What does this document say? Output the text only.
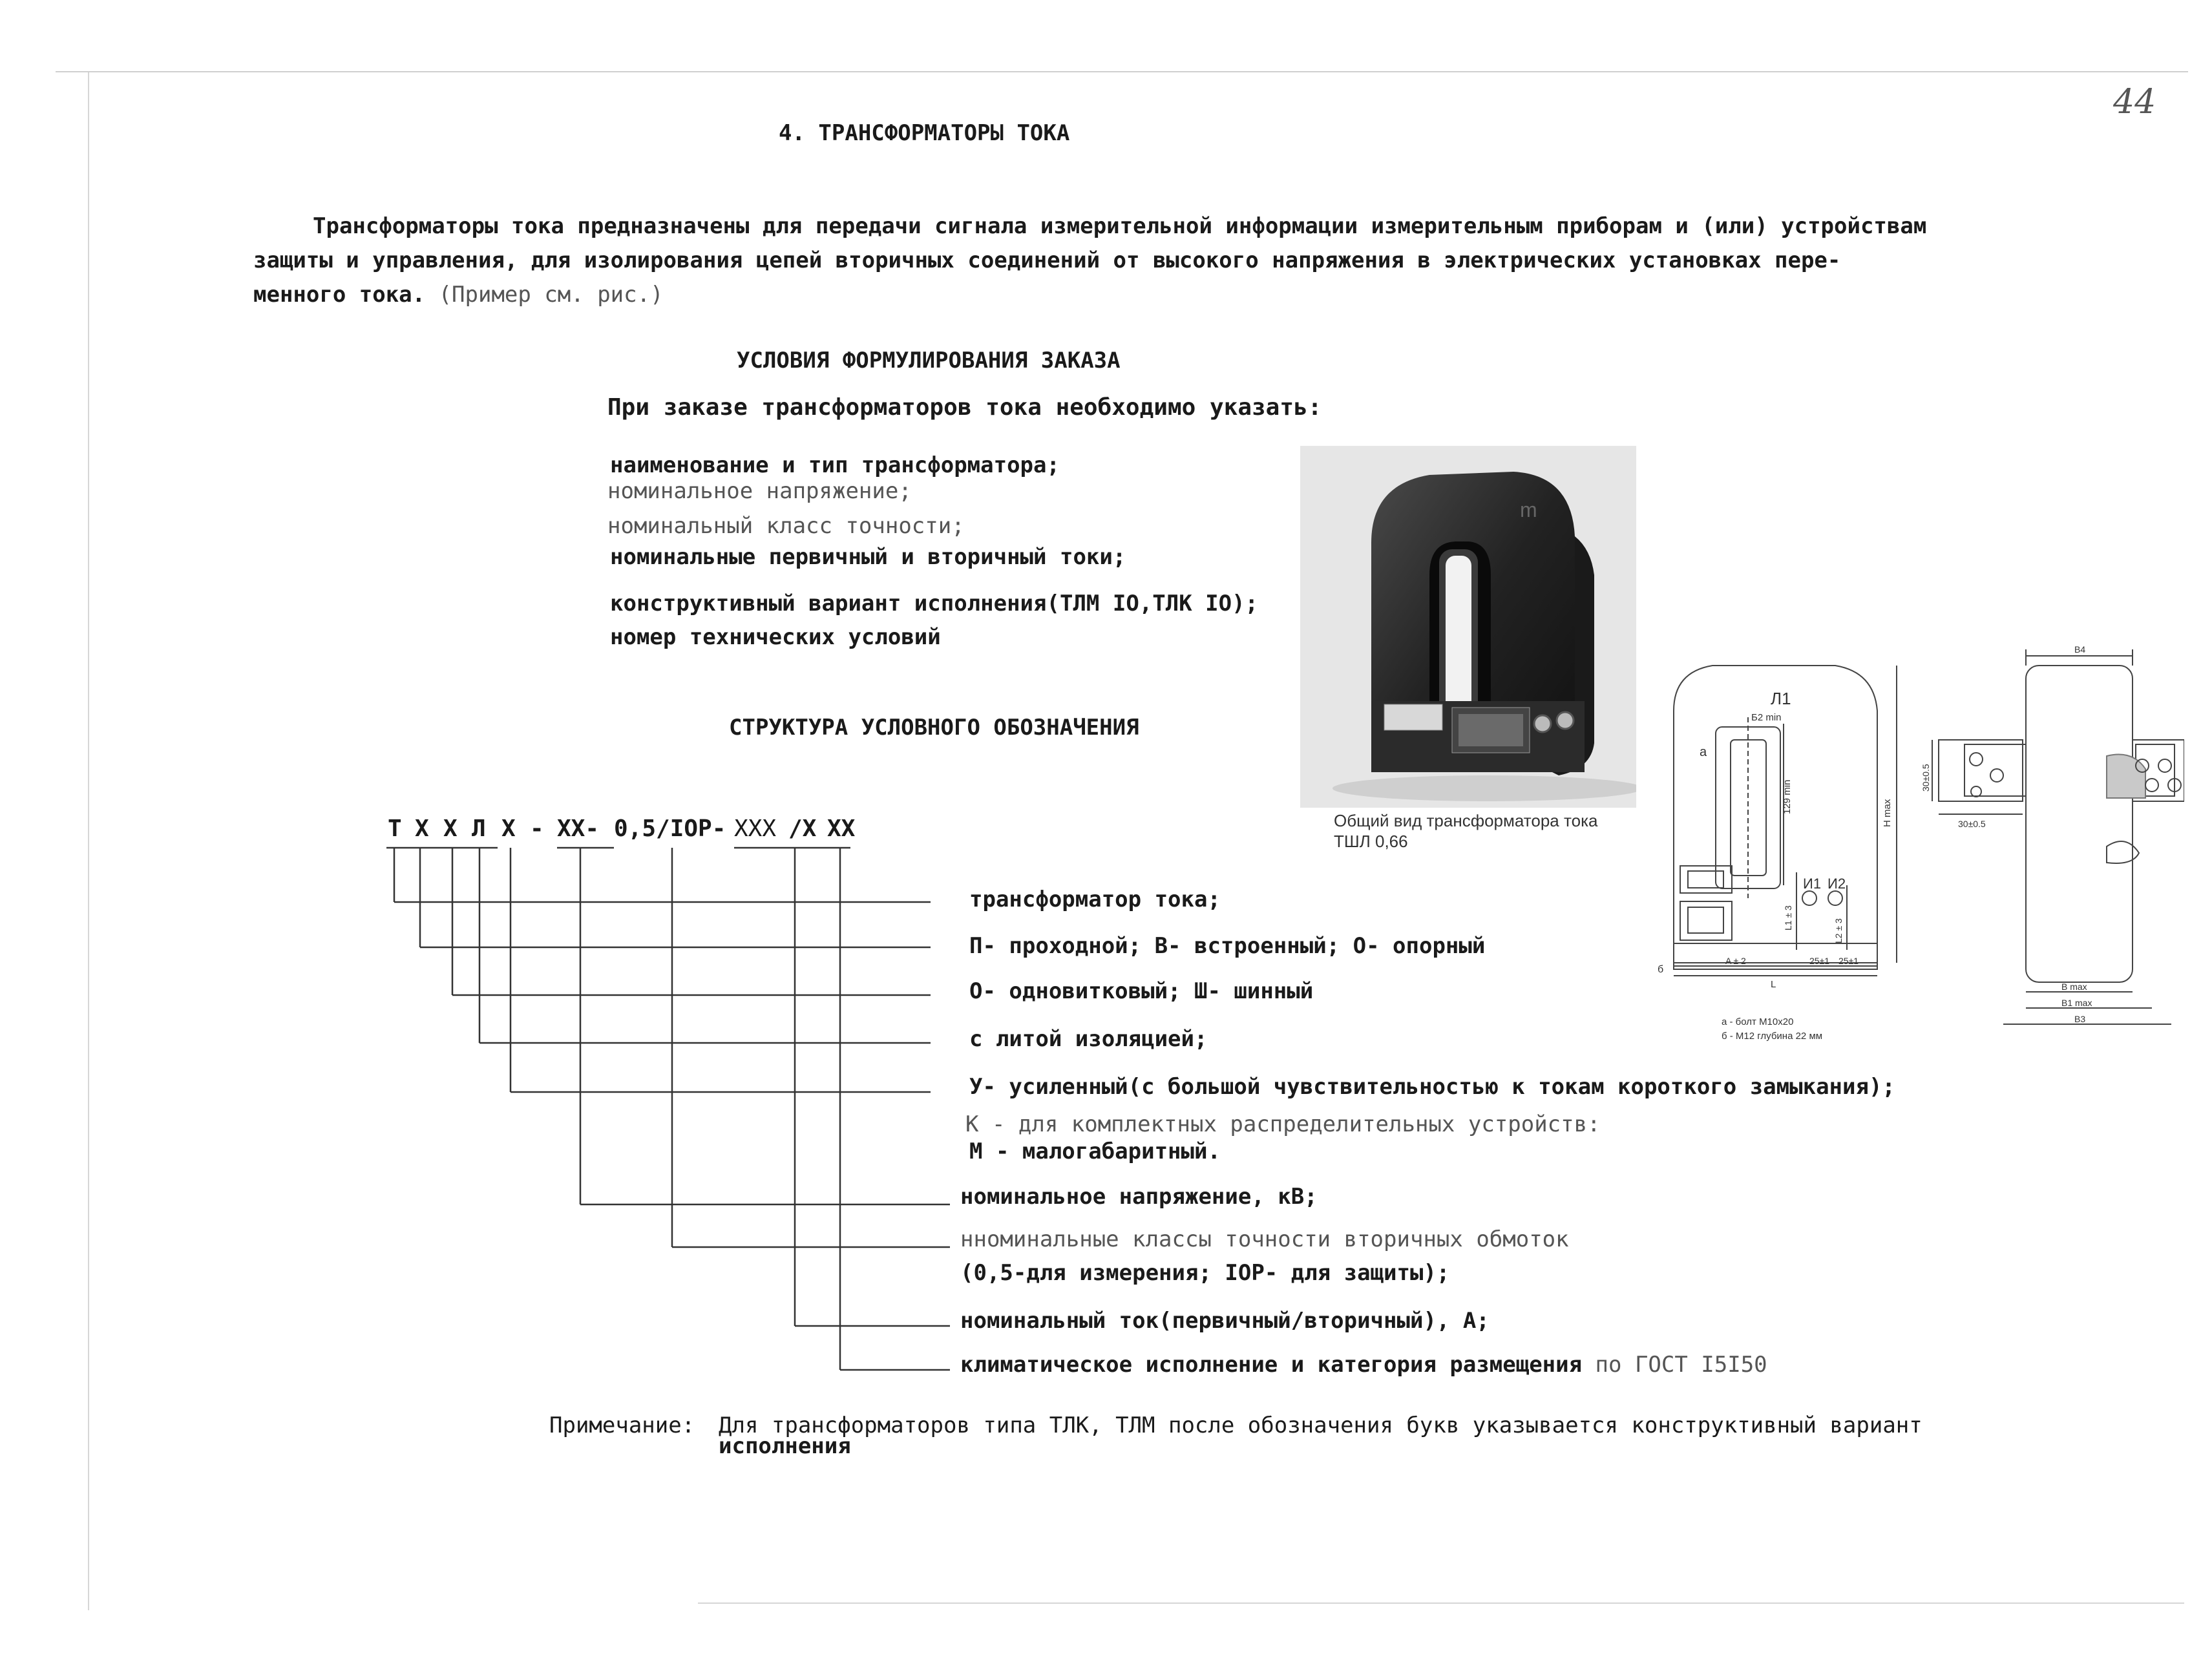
44
4. ТРАНСФОРМАТОРЫ ТОКА
Трансформаторы тока предназначены для передачи сигнала измерительной информации измерительным приборам и (или) устройствам
защиты и управления, для изолирования цепей вторичных соединений от высокого напряжения в электрических установках пере-
менного тока. (Пример см. рис.)
УСЛОВИЯ ФОРМУЛИРОВАНИЯ ЗАКАЗА
При заказе трансформаторов тока необходимо указать:
наименование и тип трансформатора;
номинальное напряжение;
номинальный класс точности;
номинальные первичный и вторичный токи;
конструктивный вариант исполнения(ТЛМ IO,ТЛК IO);
номер технических условий
m
Общий вид трансформатора тока
ТШЛ 0,66
СТРУКТУРА УСЛОВНОГО ОБОЗНАЧЕНИЯ
Т Х Х Л Х - ХХ- 0,5/IOP- ХХХ /Х ХХ
трансформатор тока;
П- проходной; В- встроенный; О- опорный
О- одновитковый; Ш- шинный
с литой изоляцией;
У- усиленный(с большой чувствительностью к токам короткого замыкания);
К - для комплектных распределительных устройств:
М - малогабаритный.
номинальное напряжение, кВ;
нноминальные классы точности вторичных обмоток
(0,5-для измерения; IOP- для защиты);
номинальный ток(первичный/вторичный), А;
климатическое исполнение и категория размещения по ГОСТ I5I50
Л1
а
Б2 min
129 min	H max
И1 И2
L1 ± 3
L2 ± 3
A ± 2	25±1 25±1
L
б
B4
30±0.5
30±0.5
B max
B1 max
B3
а - болт М10х20
б - М12 глубина 22 мм
Примечание: Для трансформаторов типа ТЛК, ТЛМ после обозначения букв указывается конструктивный вариант
исполнения
